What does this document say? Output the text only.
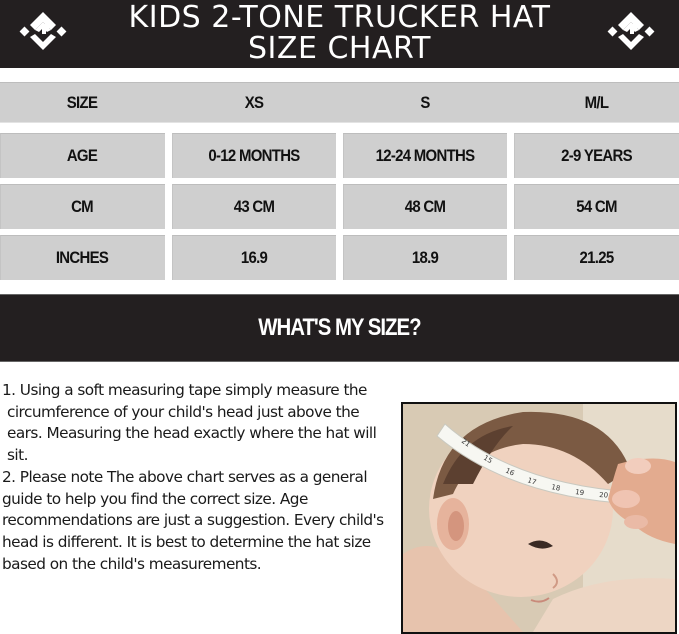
KIDS 2-TONE TRUCKER HAT
SIZE CHART
SIZE	XS	S	M/L
AGE	0-12 MONTHS	12-24 MONTHS	2-9 YEARS
CM	43 CM	48 CM	54 CM
INCHES	16.9	18.9	21.25
WHAT'S MY SIZE?

1. Using a soft measuring tape simply measure the circumference of your child's head just above the ears. Measuring the head exactly where the hat will sit.

2. Please note The above chart serves as a general guide to help you find the correct size. Age recommendations are just a suggestion. Every child's head is different. It is best to determine the hat size based on the child's measurements.

21
15
16
17
18 19 20
